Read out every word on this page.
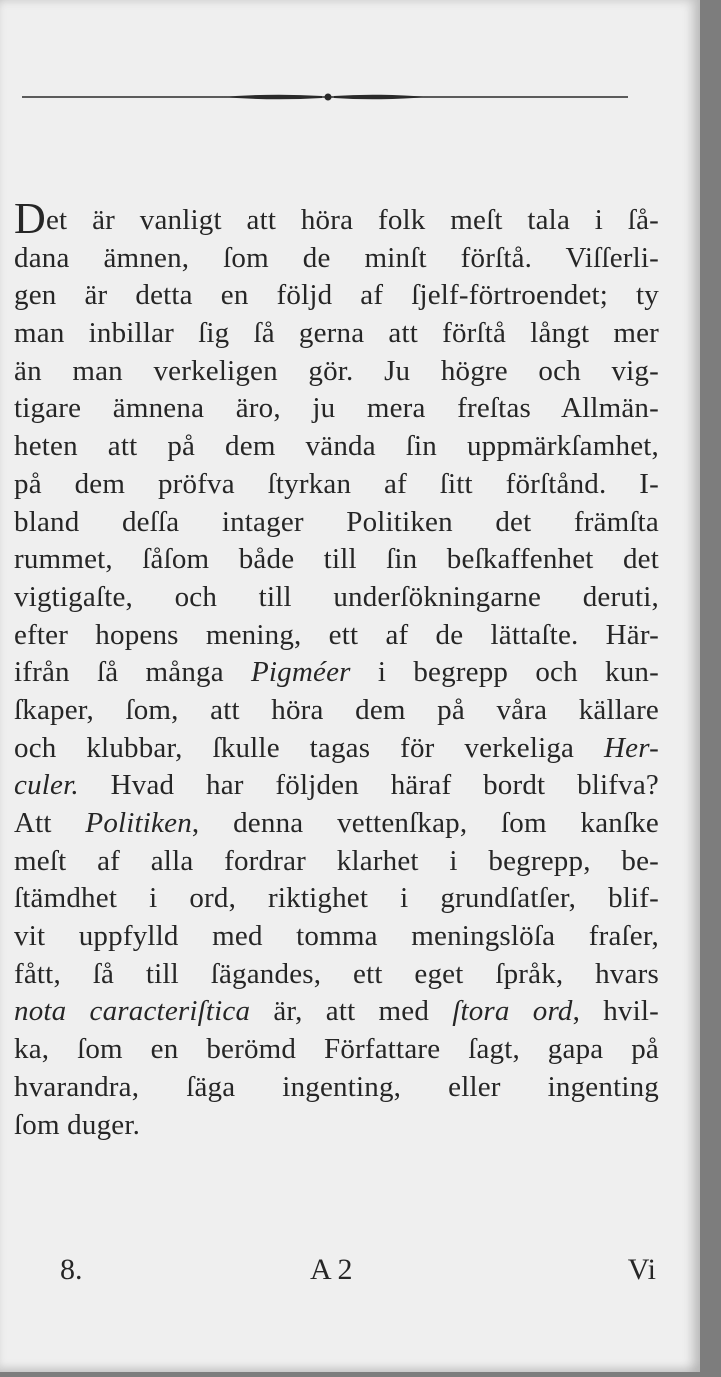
Det är vanligt att höra folk meſt tala i ſå-
dana ämnen, ſom de minſt förſtå. Viſſerli-
gen är detta en följd af ſjelf-förtroendet; ty
man inbillar ſig ſå gerna att förſtå långt mer
än man verkeligen gör. Ju högre och vig-
tigare ämnena äro, ju mera freſtas Allmän-
heten att på dem vända ſin uppmärkſamhet,
på dem pröfva ſtyrkan af ſitt förſtånd. I-
bland deſſa intager Politiken det främſta
rummet, ſåſom både till ſin beſkaffenhet det
vigtigaſte, och till underſökningarne deruti,
efter hopens mening, ett af de lättaſte. Här-
ifrån ſå många Pigméer i begrepp och kun-
ſkaper, ſom, att höra dem på våra källare
och klubbar, ſkulle tagas för verkeliga Her-
culer. Hvad har följden häraf bordt blifva?
Att Politiken, denna vettenſkap, ſom kanſke
meſt af alla fordrar klarhet i begrepp, be-
ſtämdhet i ord, riktighet i grundſatſer, blif-
vit uppfylld med tomma meningslöſa fraſer,
fått, ſå till ſägandes, ett eget ſpråk, hvars
nota caracteriſtica är, att med ſtora ord, hvil-
ka, ſom en berömd Författare ſagt, gapa på
hvarandra, ſäga ingenting, eller ingenting
ſom duger.
8.	A 2	Vi
